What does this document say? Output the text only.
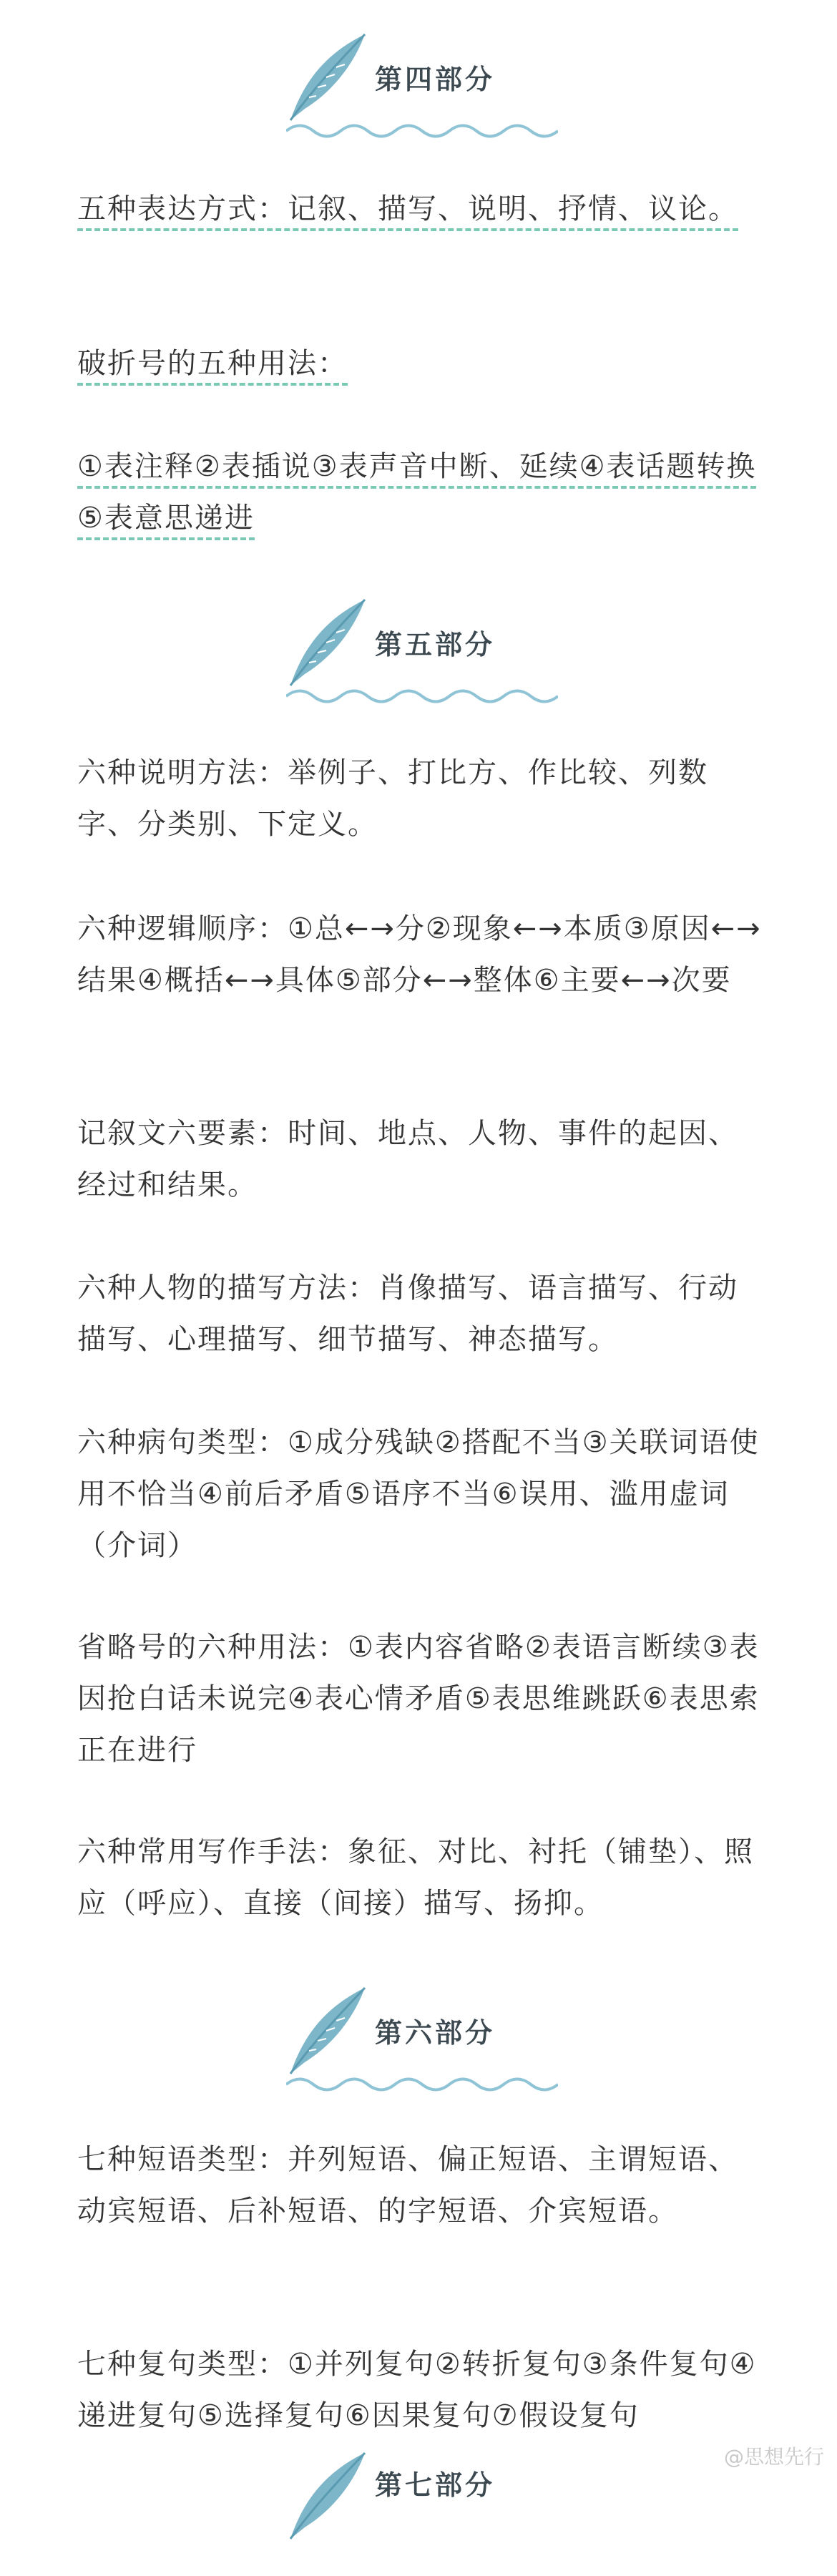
第四部分

五种表达方式：记叙、描写、说明、抒情、议论。

破折号的五种用法：

①表注释②表插说③表声音中断、延续④表话题转换⑤表意思递进

第五部分

六种说明方法：举例子、打比方、作比较、列数字、分类别、下定义。

六种逻辑顺序：①总←→分②现象←→本质③原因←→结果④概括←→具体⑤部分←→整体⑥主要←→次要

记叙文六要素：时间、地点、人物、事件的起因、经过和结果。

六种人物的描写方法：肖像描写、语言描写、行动描写、心理描写、细节描写、神态描写。

六种病句类型：①成分残缺②搭配不当③关联词语使用不恰当④前后矛盾⑤语序不当⑥误用、滥用虚词（介词）

省略号的六种用法：①表内容省略②表语言断续③表因抢白话未说完④表心情矛盾⑤表思维跳跃⑥表思索正在进行

六种常用写作手法：象征、对比、衬托（铺垫）、照应（呼应）、直接（间接）描写、扬抑。

第六部分

七种短语类型：并列短语、偏正短语、主谓短语、动宾短语、后补短语、的字短语、介宾短语。

七种复句类型：①并列复句②转折复句③条件复句④递进复句⑤选择复句⑥因果复句⑦假设复句

第七部分
@思想先行
